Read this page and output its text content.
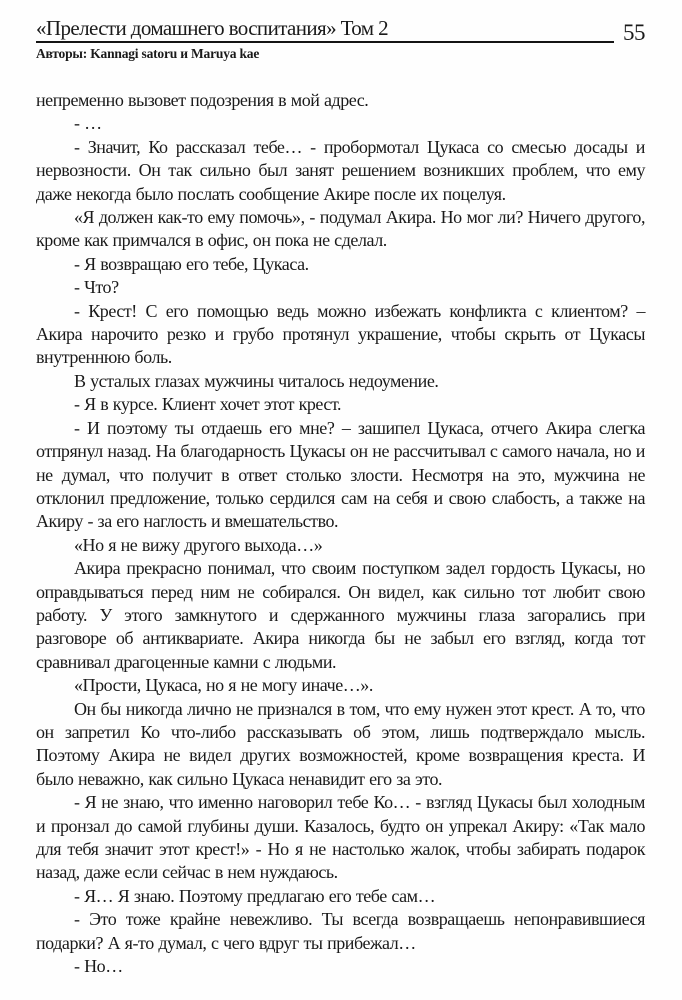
«Прелести домашнего воспитания» Том 2	55
Авторы: Kannagi satoru и Maruya kae

непременно вызовет подозрения в мой адрес.

- …

- Значит, Ко рассказал тебе… - пробормотал Цукаса со смесью досады и нервозности. Он так сильно был занят решением возникших проблем, что ему даже некогда было послать сообщение Акире после их поцелуя.

«Я должен как-то ему помочь», - подумал Акира. Но мог ли? Ничего другого, кроме как примчался в офис, он пока не сделал.

- Я возвращаю его тебе, Цукаса.

- Что?

- Крест! С его помощью ведь можно избежать конфликта с клиентом? – Акира нарочито резко и грубо протянул украшение, чтобы скрыть от Цукасы внутреннюю боль.

В усталых глазах мужчины читалось недоумение.

- Я в курсе. Клиент хочет этот крест.

- И поэтому ты отдаешь его мне? – зашипел Цукаса, отчего Акира слегка отпрянул назад. На благодарность Цукасы он не рассчитывал с самого начала, но и не думал, что получит в ответ столько злости. Несмотря на это, мужчина не отклонил предложение, только сердился сам на себя и свою слабость, а также на Акиру - за его наглость и вмешательство.

«Но я не вижу другого выхода…»

Акира прекрасно понимал, что своим поступком задел гордость Цукасы, но оправдываться перед ним не собирался. Он видел, как сильно тот любит свою работу. У этого замкнутого и сдержанного мужчины глаза загорались при разговоре об антиквариате. Акира никогда бы не забыл его взгляд, когда тот сравнивал драгоценные камни с людьми.

«Прости, Цукаса, но я не могу иначе…».

Он бы никогда лично не признался в том, что ему нужен этот крест. А то, что он запретил Ко что-либо рассказывать об этом, лишь подтверждало мысль. Поэтому Акира не видел других возможностей, кроме возвращения креста. И было неважно, как сильно Цукаса ненавидит его за это.

- Я не знаю, что именно наговорил тебе Ко… - взгляд Цукасы был холодным и пронзал до самой глубины души. Казалось, будто он упрекал Акиру: «Так мало для тебя значит этот крест!» - Но я не настолько жалок, чтобы забирать подарок назад, даже если сейчас в нем нуждаюсь.

- Я… Я знаю. Поэтому предлагаю его тебе сам…

- Это тоже крайне невежливо. Ты всегда возвращаешь непонравившиеся подарки? А я-то думал, с чего вдруг ты прибежал…

- Но…
